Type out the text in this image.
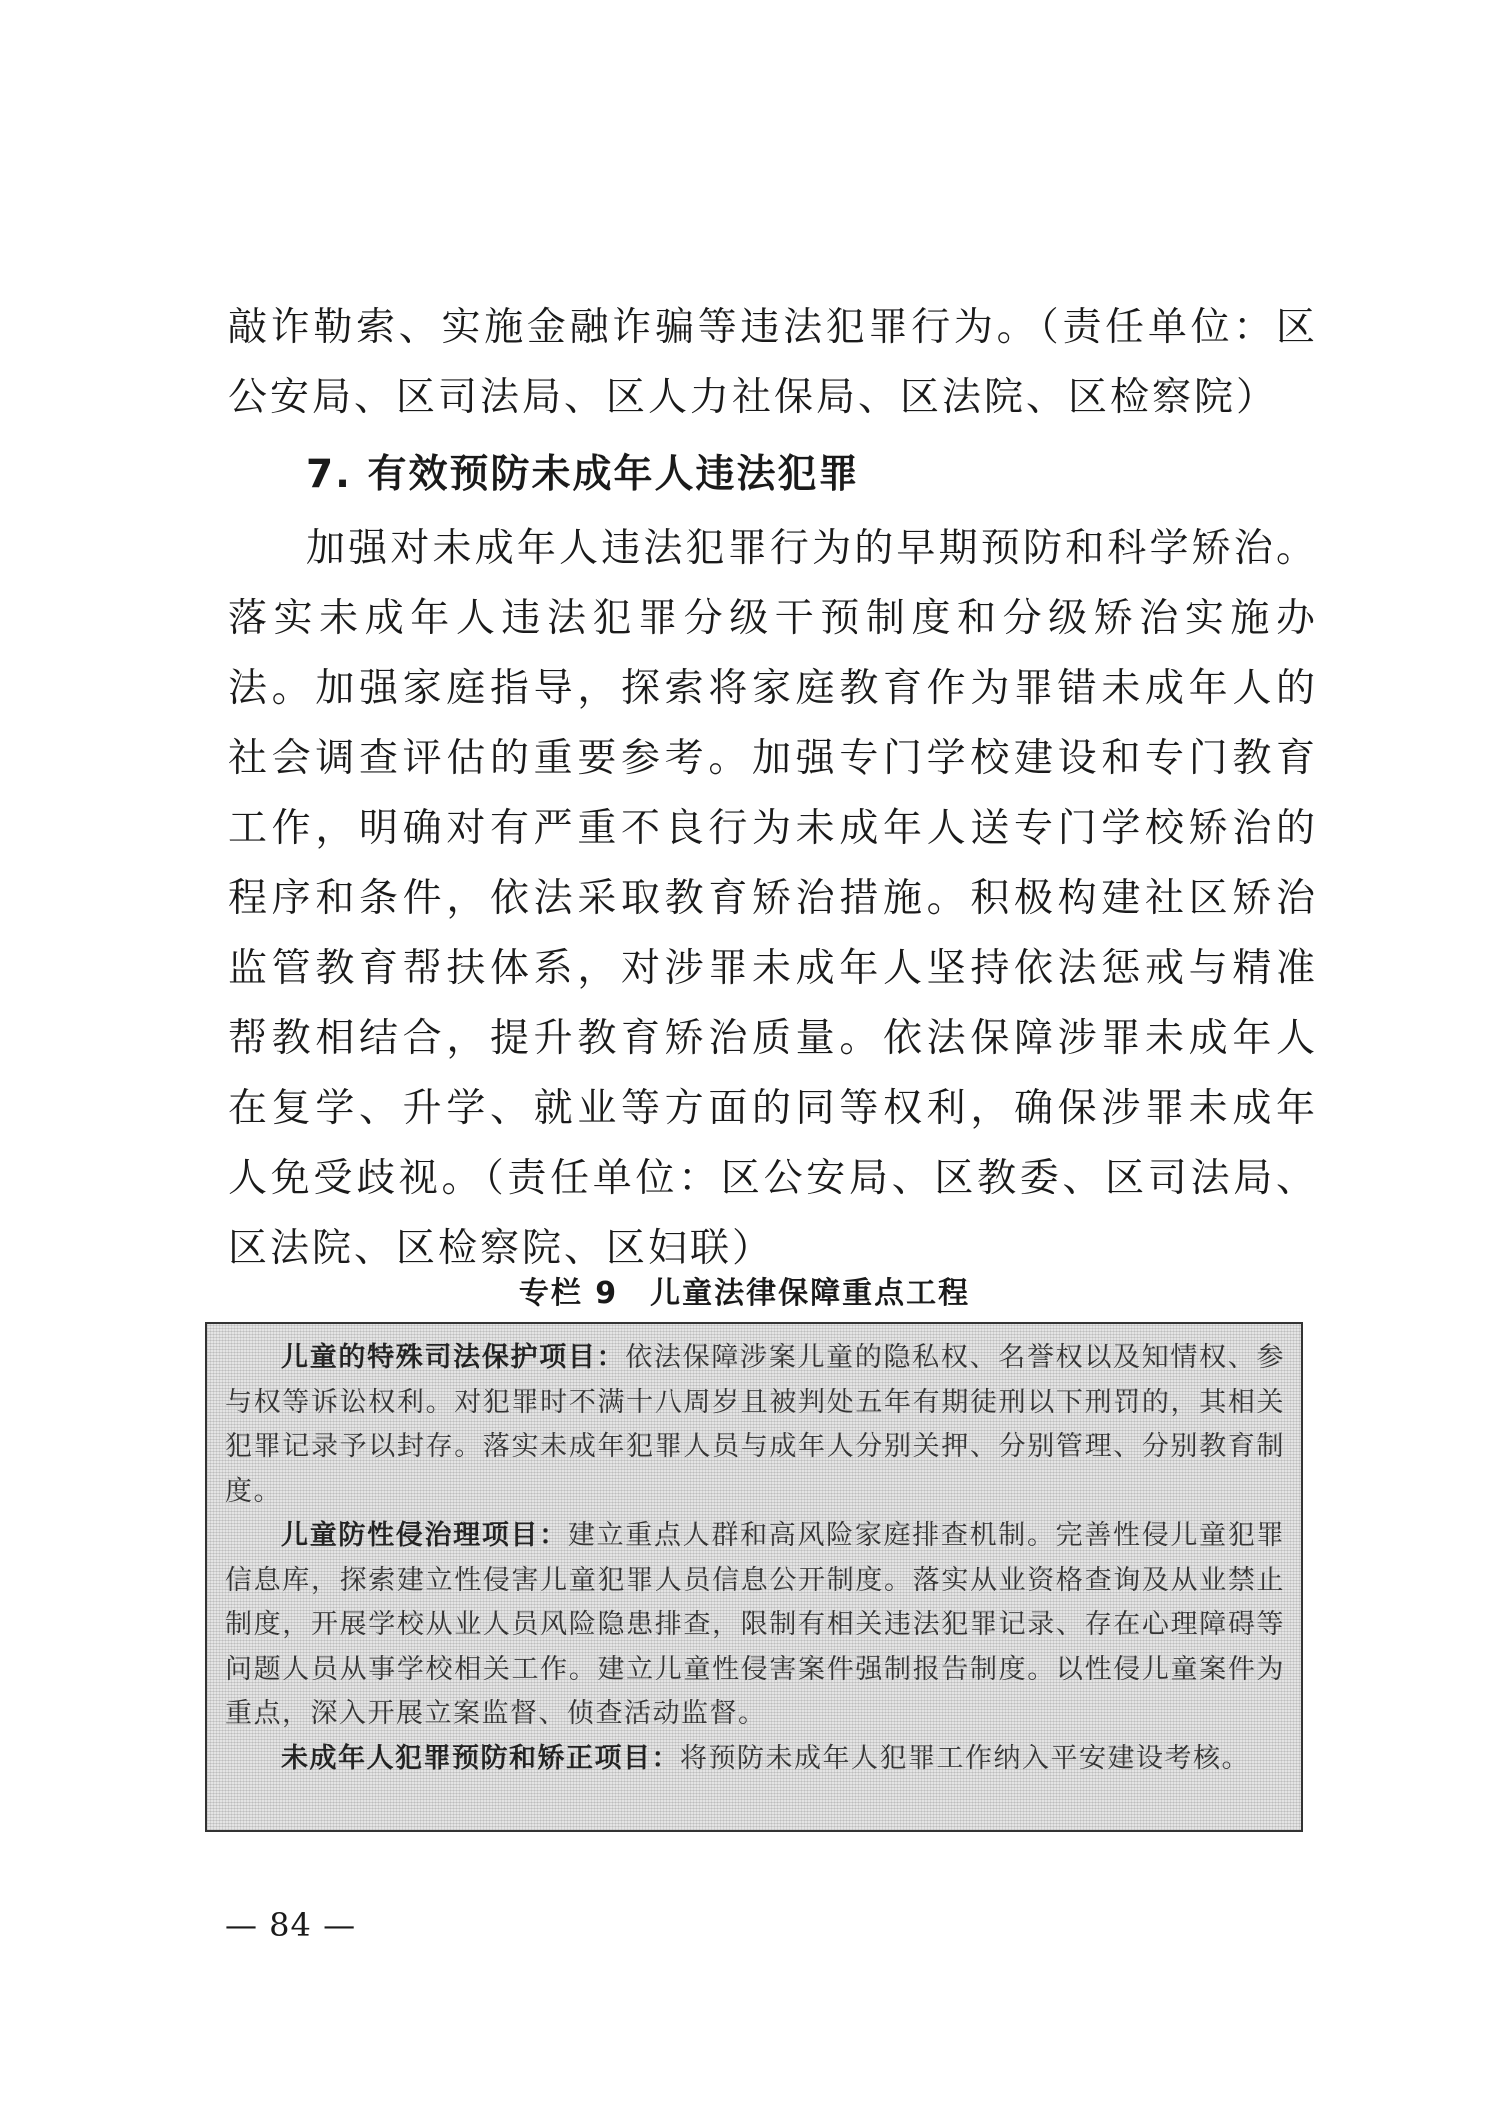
敲诈勒索、实施金融诈骗等违法犯罪行为。（责任单位：区公安局、区司法局、区人力社保局、区法院、区检察院）

7. 有效预防未成年人违法犯罪

加强对未成年人违法犯罪行为的早期预防和科学矫治。落实未成年人违法犯罪分级干预制度和分级矫治实施办法。加强家庭指导，探索将家庭教育作为罪错未成年人的社会调查评估的重要参考。加强专门学校建设和专门教育工作，明确对有严重不良行为未成年人送专门学校矫治的程序和条件，依法采取教育矫治措施。积极构建社区矫治监管教育帮扶体系，对涉罪未成年人坚持依法惩戒与精准帮教相结合，提升教育矫治质量。依法保障涉罪未成年人在复学、升学、就业等方面的同等权利，确保涉罪未成年人免受歧视。（责任单位：区公安局、区教委、区司法局、区法院、区检察院、区妇联）

专栏 9　儿童法律保障重点工程

儿童的特殊司法保护项目：依法保障涉案儿童的隐私权、名誉权以及知情权、参与权等诉讼权利。对犯罪时不满十八周岁且被判处五年有期徒刑以下刑罚的，其相关犯罪记录予以封存。落实未成年犯罪人员与成年人分别关押、分别管理、分别教育制度。

儿童防性侵治理项目：建立重点人群和高风险家庭排查机制。完善性侵儿童犯罪信息库，探索建立性侵害儿童犯罪人员信息公开制度。落实从业资格查询及从业禁止制度，开展学校从业人员风险隐患排查，限制有相关违法犯罪记录、存在心理障碍等问题人员从事学校相关工作。建立儿童性侵害案件强制报告制度。以性侵儿童案件为重点，深入开展立案监督、侦查活动监督。

未成年人犯罪预防和矫正项目：将预防未成年人犯罪工作纳入平安建设考核。

— 84 —
